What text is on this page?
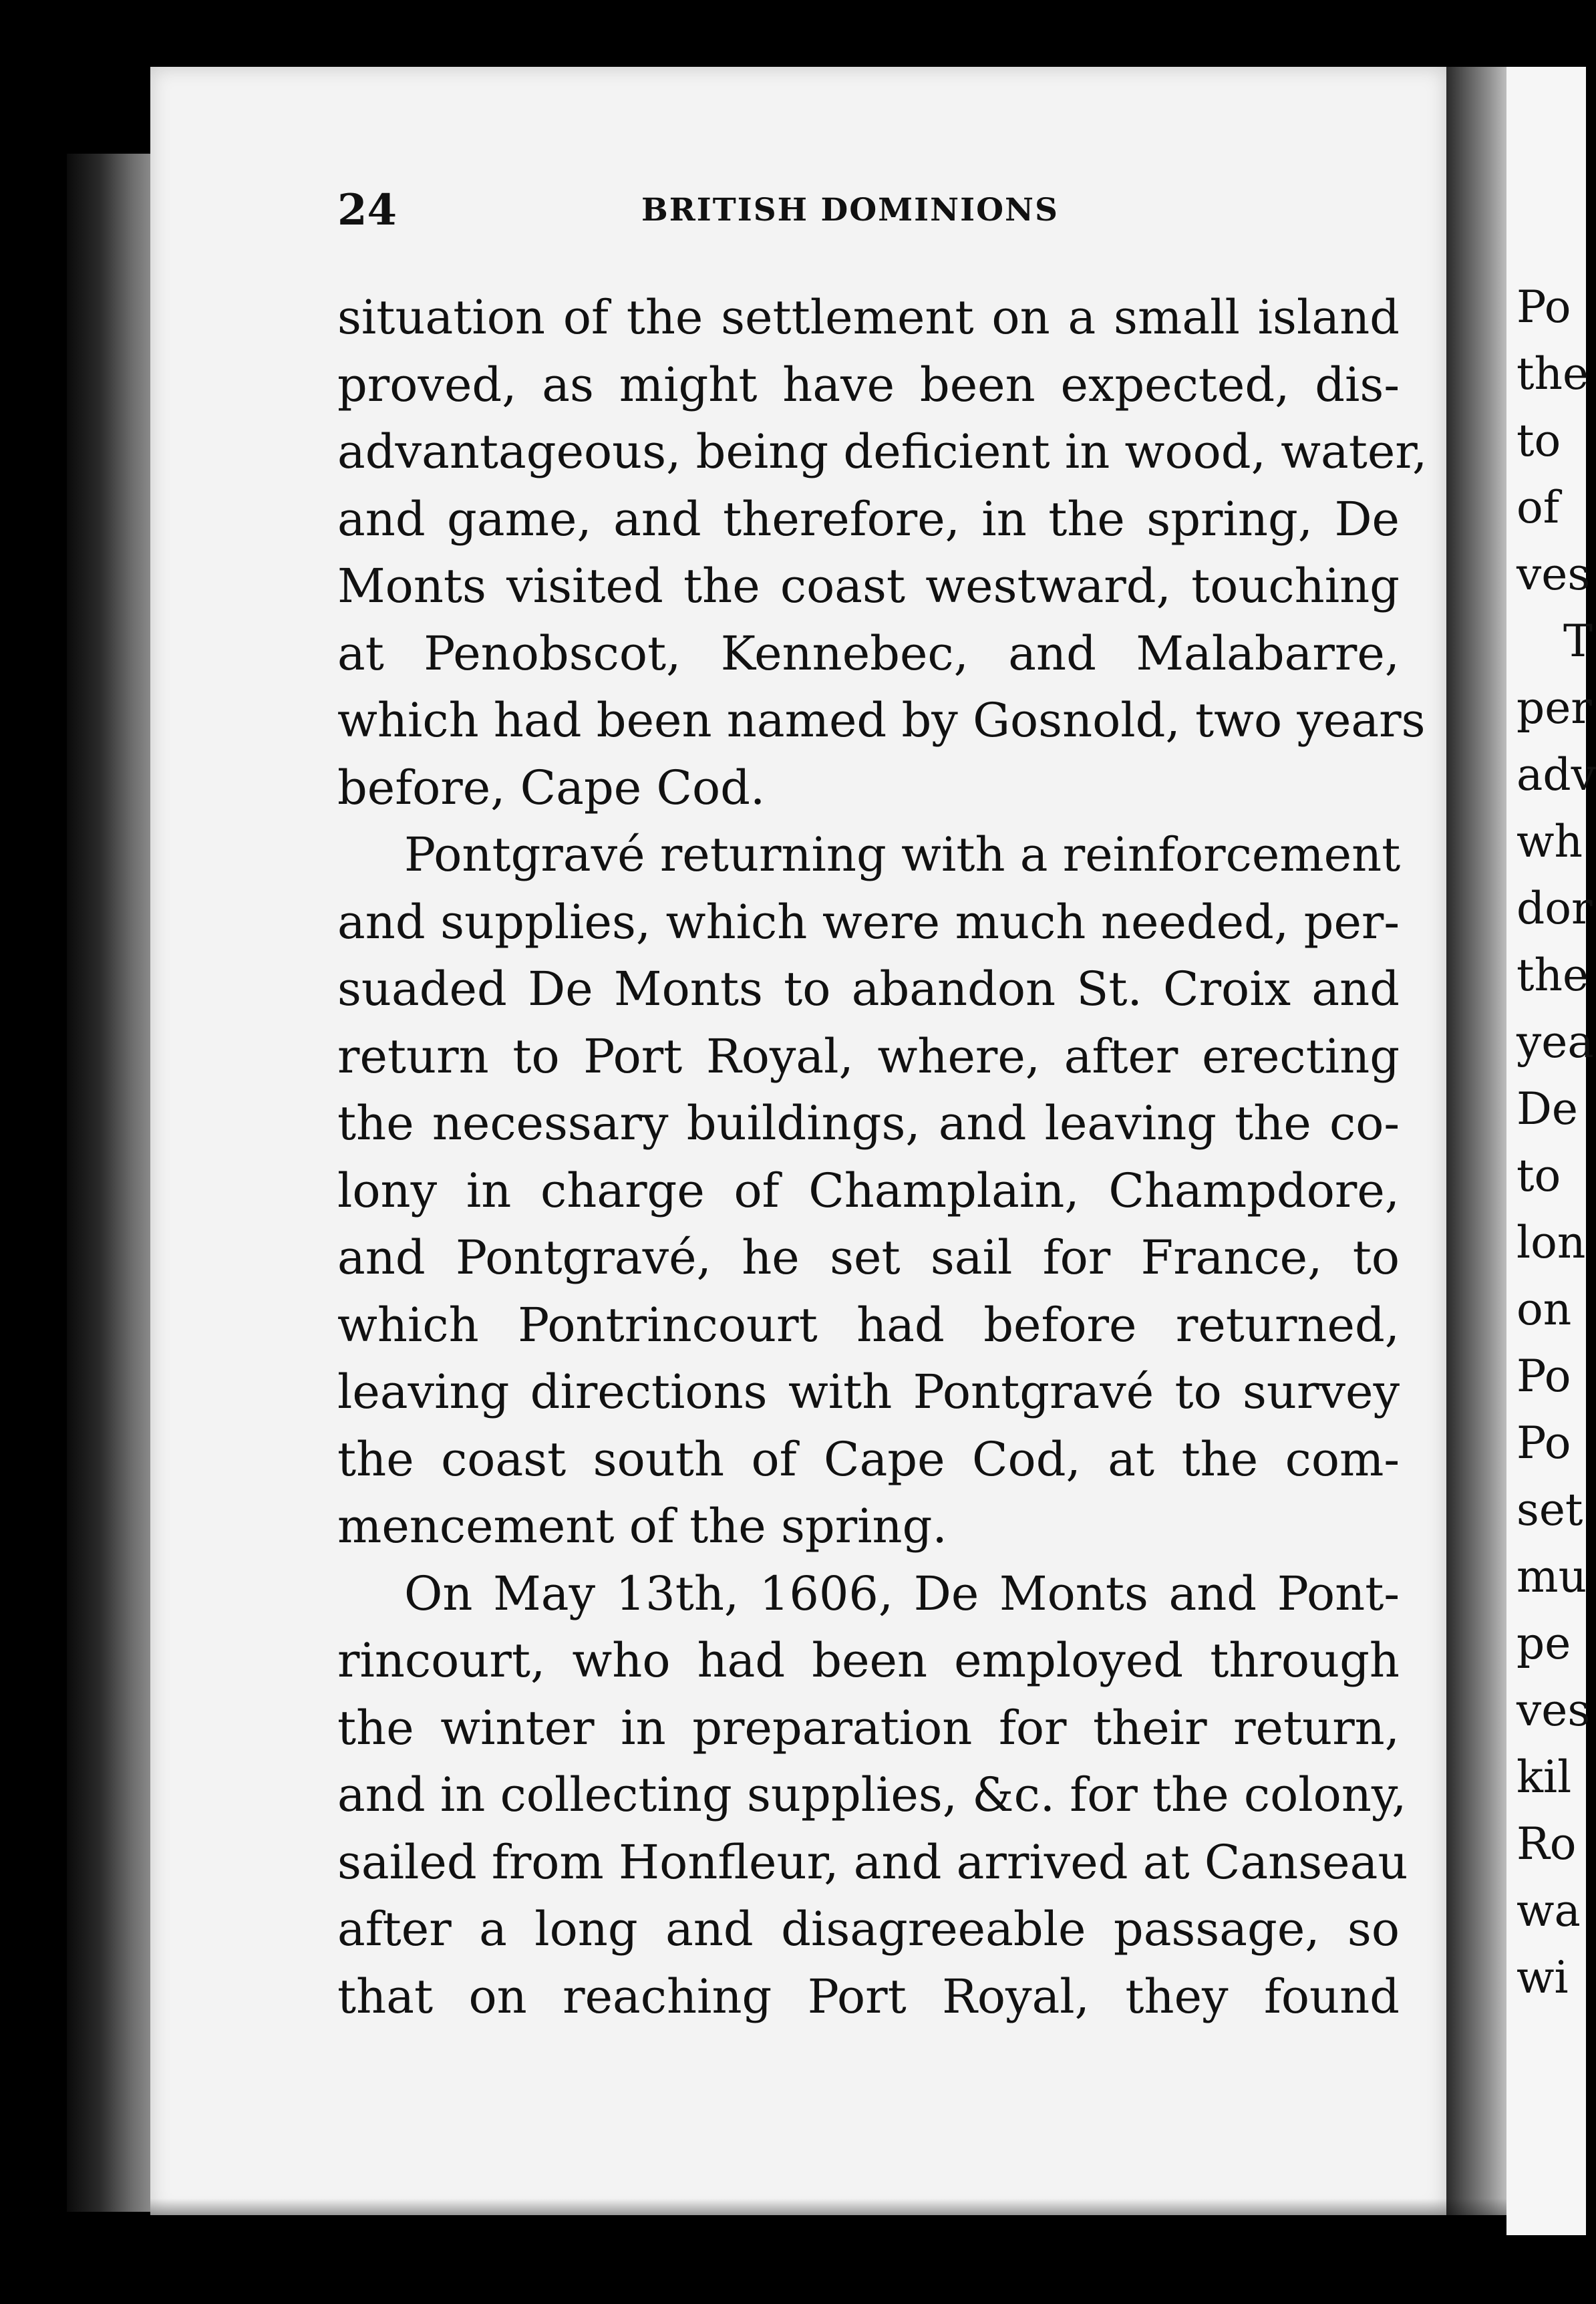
24	BRITISH DOMINIONS
situation of the settlement on a small island
proved, as might have been expected, dis-
advantageous, being deficient in wood, water,
and game, and therefore, in the spring, De
Monts visited the coast westward, touching
at Penobscot, Kennebec, and Malabarre,
which had been named by Gosnold, two years
before, Cape Cod.
Pontgravé returning with a reinforcement
and supplies, which were much needed, per-
suaded De Monts to abandon St. Croix and
return to Port Royal, where, after erecting
the necessary buildings, and leaving the co-
lony in charge of Champlain, Champdore,
and Pontgravé, he set sail for France, to
which Pontrincourt had before returned,
leaving directions with Pontgravé to survey
the coast south of Cape Cod, at the com-
mencement of the spring.
On May 13th, 1606, De Monts and Pont-
rincourt, who had been employed through
the winter in preparation for their return,
and in collecting supplies, &c. for the colony,
sailed from Honfleur, and arrived at Canseau
after a long and disagreeable passage, so
that on reaching Port Royal, they found
Po
the
to
of
ves
T
per
adv
wh
dor
the
yea
De
to
lon
on
Po
Po
set
mu
pe
ves
kil
Ro
wa
wi
